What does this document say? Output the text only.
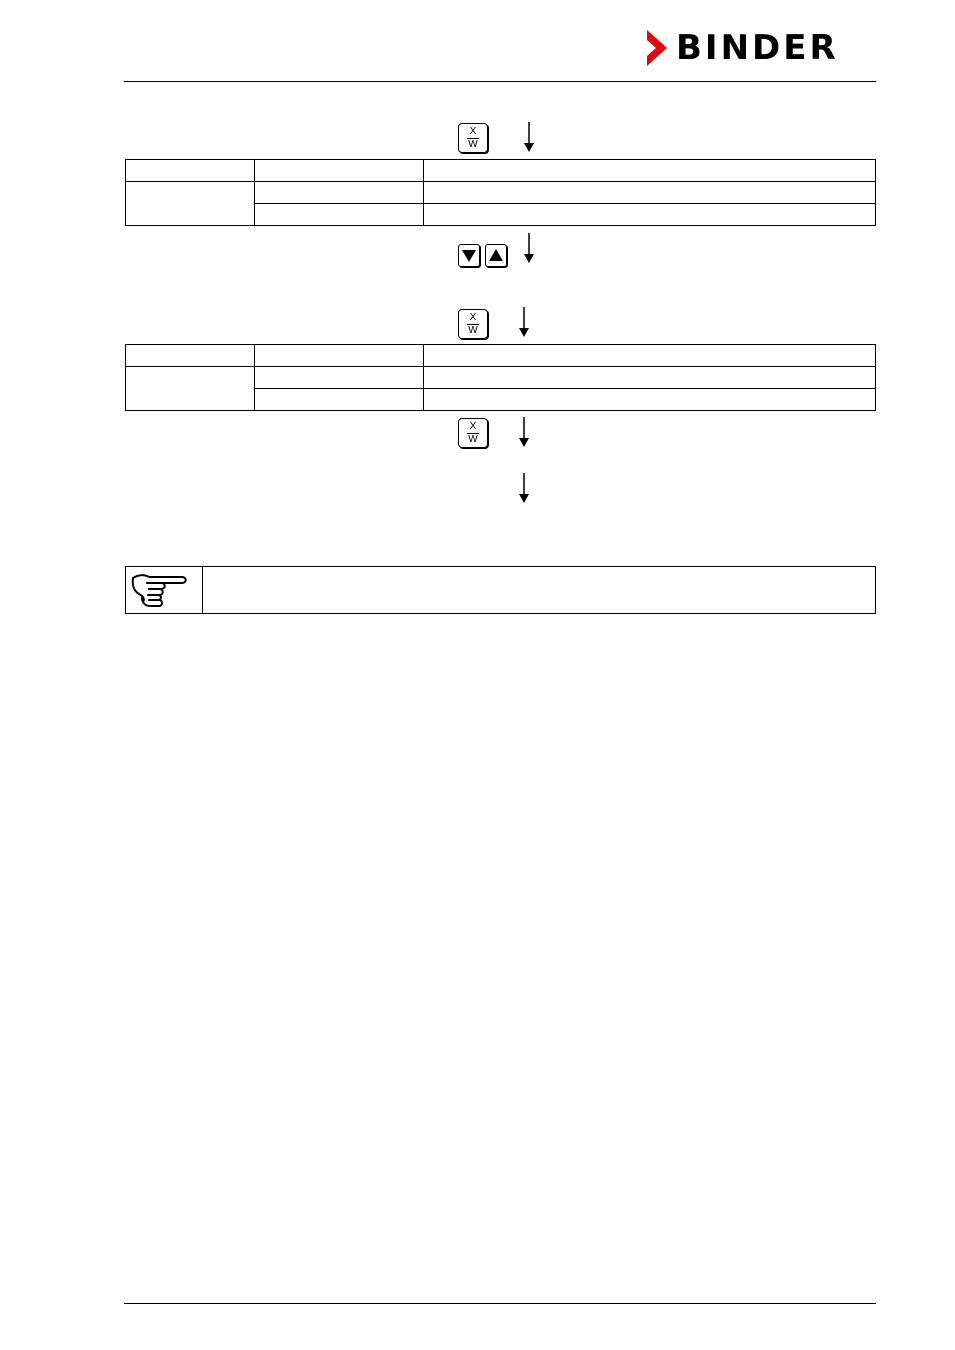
BINDER
X
W

X
W

X
W
